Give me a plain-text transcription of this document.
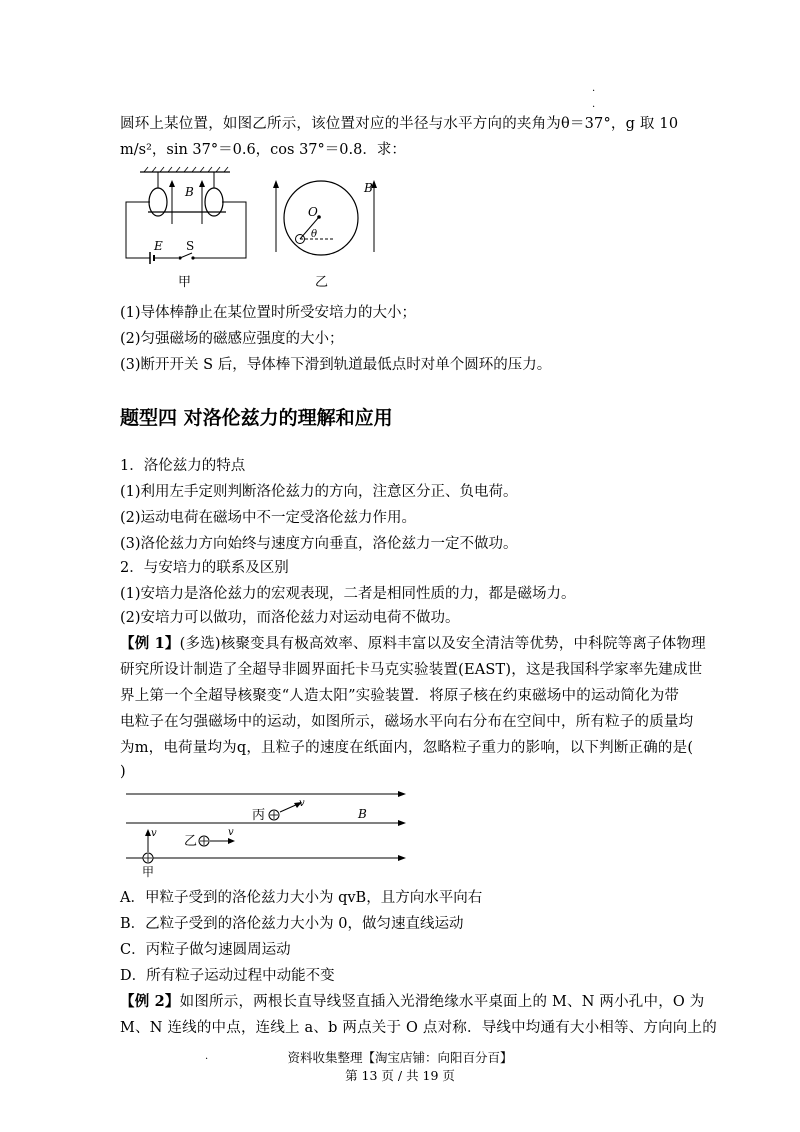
.
.
.
圆环上某位置，如图乙所示，该位置对应的半径与水平方向的夹角为θ＝37°，g 取 10
m/s²，sin 37°＝0.6，cos 37°＝0.8．求：
B
E S
甲
O
θ
B
乙
(1)导体棒静止在某位置时所受安培力的大小；
(2)匀强磁场的磁感应强度的大小；
(3)断开开关 S 后，导体棒下滑到轨道最低点时对单个圆环的压力。
题型四 对洛伦兹力的理解和应用
1．洛伦兹力的特点
(1)利用左手定则判断洛伦兹力的方向，注意区分正、负电荷。
(2)运动电荷在磁场中不一定受洛伦兹力作用。
(3)洛伦兹力方向始终与速度方向垂直，洛伦兹力一定不做功。
2．与安培力的联系及区别
(1)安培力是洛伦兹力的宏观表现，二者是相同性质的力，都是磁场力。
(2)安培力可以做功，而洛伦兹力对运动电荷不做功。
【例 1】(多选)核聚变具有极高效率、原料丰富以及安全清洁等优势，中科院等离子体物理
研究所设计制造了全超导非圆界面托卡马克实验装置(EAST)，这是我国科学家率先建成世
界上第一个全超导核聚变“人造太阳”实验装置．将原子核在约束磁场中的运动简化为带
电粒子在匀强磁场中的运动，如图所示，磁场水平向右分布在空间中，所有粒子的质量均
为m，电荷量均为q，且粒子的速度在纸面内，忽略粒子重力的影响，以下判断正确的是(
)
B
丙
v
乙
v
v
甲
A．甲粒子受到的洛伦兹力大小为 qvB，且方向水平向右
B．乙粒子受到的洛伦兹力大小为 0，做匀速直线运动
C．丙粒子做匀速圆周运动
D．所有粒子运动过程中动能不变
【例 2】如图所示，两根长直导线竖直插入光滑绝缘水平桌面上的 M、N 两小孔中，O 为
M、N 连线的中点，连线上 a、b 两点关于 O 点对称．导线中均通有大小相等、方向向上的
资料收集整理【淘宝店铺：向阳百分百】
第 13 页 / 共 19 页
